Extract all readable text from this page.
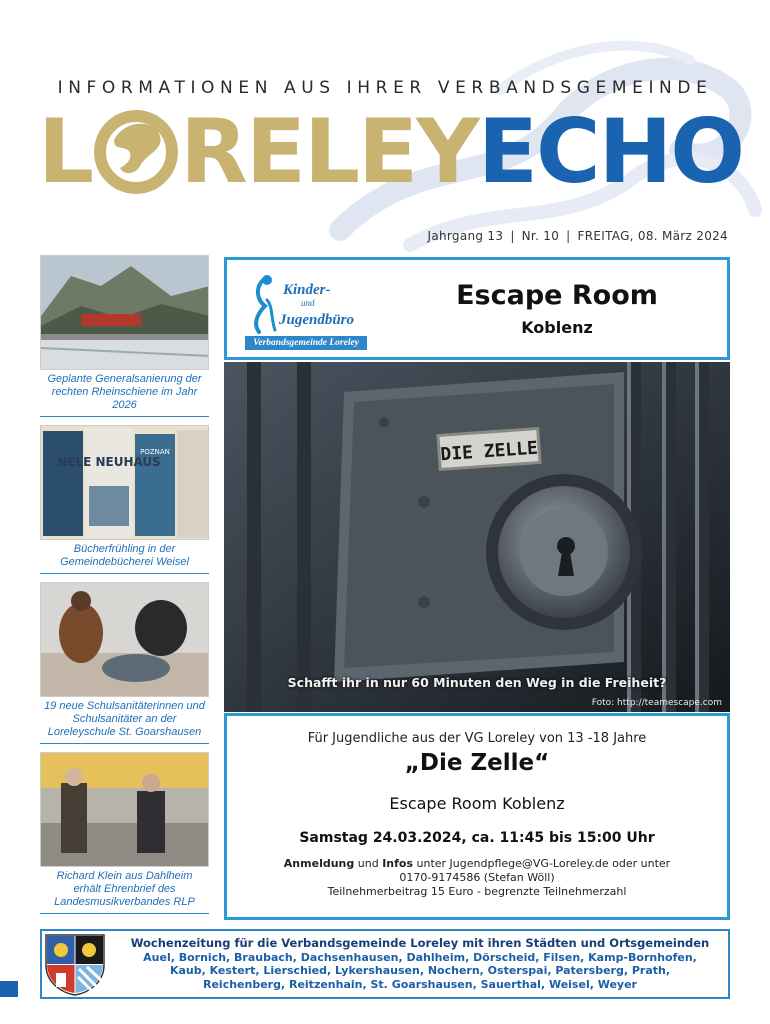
INFORMATIONEN AUS IHRER VERBANDSGEMEINDE
L RELEY ECHO
Jahrgang 13 | Nr. 10 | FREITAG, 08. März 2024
Geplante Generalsanierung der rechten Rheinschiene im Jahr 2026
NELE NEUHAUS
POZNAN
Bücherfrühling in der Gemeindebücherei Weisel
19 neue Schulsanitäterinnen und Schulsanitäter an der Loreleyschule St. Goarshausen
Richard Klein aus Dahlheim erhält Ehrenbrief des Landesmusikverbandes RLP
Kinder-
und
Jugendbüro
Verbandsgemeinde Loreley
Escape Room
Koblenz
DIE ZELLE
Schafft ihr in nur 60 Minuten den Weg in die Freiheit?
Foto: http://teamescape.com
Für Jugendliche aus der VG Loreley von 13 -18 Jahre
„Die Zelle“
Escape Room Koblenz
Samstag 24.03.2024, ca. 11:45 bis 15:00 Uhr
Anmeldung und Infos unter Jugendpflege@VG-Loreley.de oder unter
0170-9174586 (Stefan Wöll)
Teilnehmerbeitrag 15 Euro - begrenzte Teilnehmerzahl
Wochenzeitung für die Verbandsgemeinde Loreley mit ihren Städten und Ortsgemeinden
Auel, Bornich, Braubach, Dachsenhausen, Dahlheim, Dörscheid, Filsen, Kamp-Bornhofen,
Kaub, Kestert, Lierschied, Lykershausen, Nochern, Osterspai, Patersberg, Prath,
Reichenberg, Reitzenhain, St. Goarshausen, Sauerthal, Weisel, Weyer
